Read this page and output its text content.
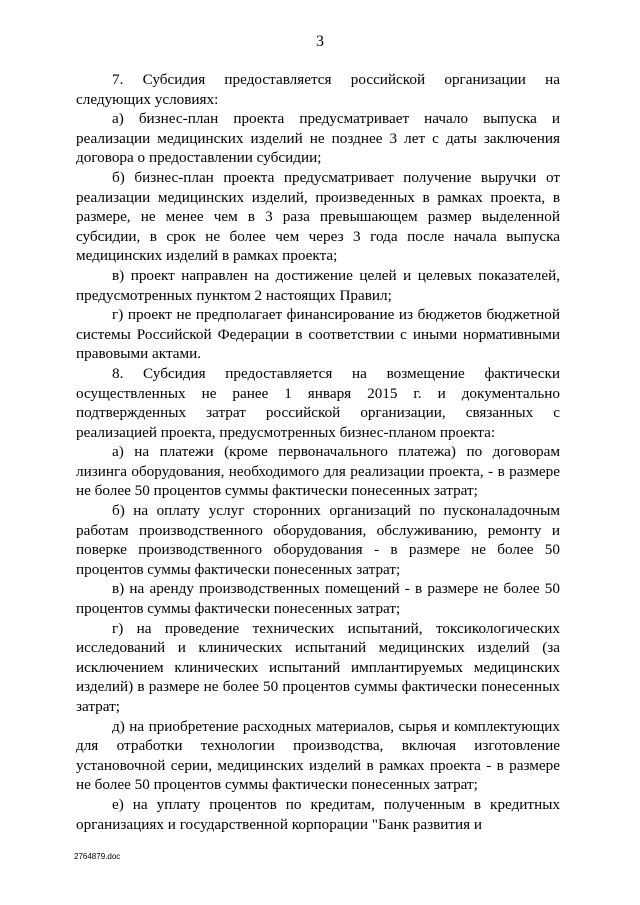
3

7. Субсидия предоставляется российской организации на следующих условиях:

а) бизнес-план проекта предусматривает начало выпуска и реализации медицинских изделий не позднее 3 лет с даты заключения договора о предоставлении субсидии;

б) бизнес-план проекта предусматривает получение выручки от реализации медицинских изделий, произведенных в рамках проекта, в размере, не менее чем в 3 раза превышающем размер выделенной субсидии, в срок не более чем через 3 года после начала выпуска медицинских изделий в рамках проекта;

в) проект направлен на достижение целей и целевых показателей, предусмотренных пунктом 2 настоящих Правил;

г) проект не предполагает финансирование из бюджетов бюджетной системы Российской Федерации в соответствии с иными нормативными правовыми актами.

8. Субсидия предоставляется на возмещение фактически осуществленных не ранее 1 января 2015 г. и документально подтвержденных затрат российской организации, связанных с реализацией проекта, предусмотренных бизнес-планом проекта:

а) на платежи (кроме первоначального платежа) по договорам лизинга оборудования, необходимого для реализации проекта, - в размере не более 50 процентов суммы фактически понесенных затрат;

б) на оплату услуг сторонних организаций по пусконаладочным работам производственного оборудования, обслуживанию, ремонту и поверке производственного оборудования - в размере не более 50 процентов суммы фактически понесенных затрат;

в) на аренду производственных помещений - в размере не более 50 процентов суммы фактически понесенных затрат;

г) на проведение технических испытаний, токсикологических исследований и клинических испытаний медицинских изделий (за исключением клинических испытаний имплантируемых медицинских изделий) в размере не более 50 процентов суммы фактически понесенных затрат;

д) на приобретение расходных материалов, сырья и комплектующих для отработки технологии производства, включая изготовление установочной серии, медицинских изделий в рамках проекта - в размере не более 50 процентов суммы фактически понесенных затрат;

е) на уплату процентов по кредитам, полученным в кредитных организациях и государственной корпорации "Банк развития и

2764879.doc
